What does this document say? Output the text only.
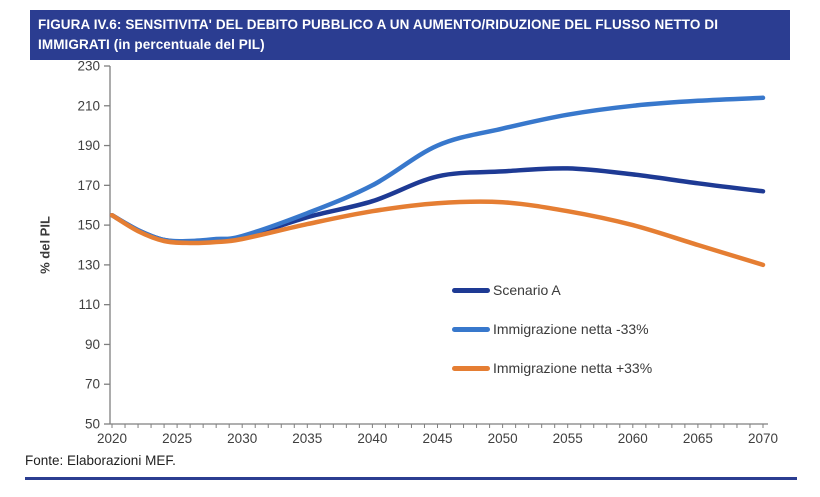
FIGURA IV.6: SENSITIVITA' DEL DEBITO PUBBLICO A UN AUMENTO/RIDUZIONE DEL FLUSSO NETTO DI IMMIGRATI (in percentuale del PIL)
50
70
90
110
130
150
170
190
210
230
2020	2025	2030	2035	2040	2045	2050	2055	2060	2065	2070
% del PIL
Scenario A
Immigrazione netta -33%
Immigrazione netta +33%
Fonte: Elaborazioni MEF.
